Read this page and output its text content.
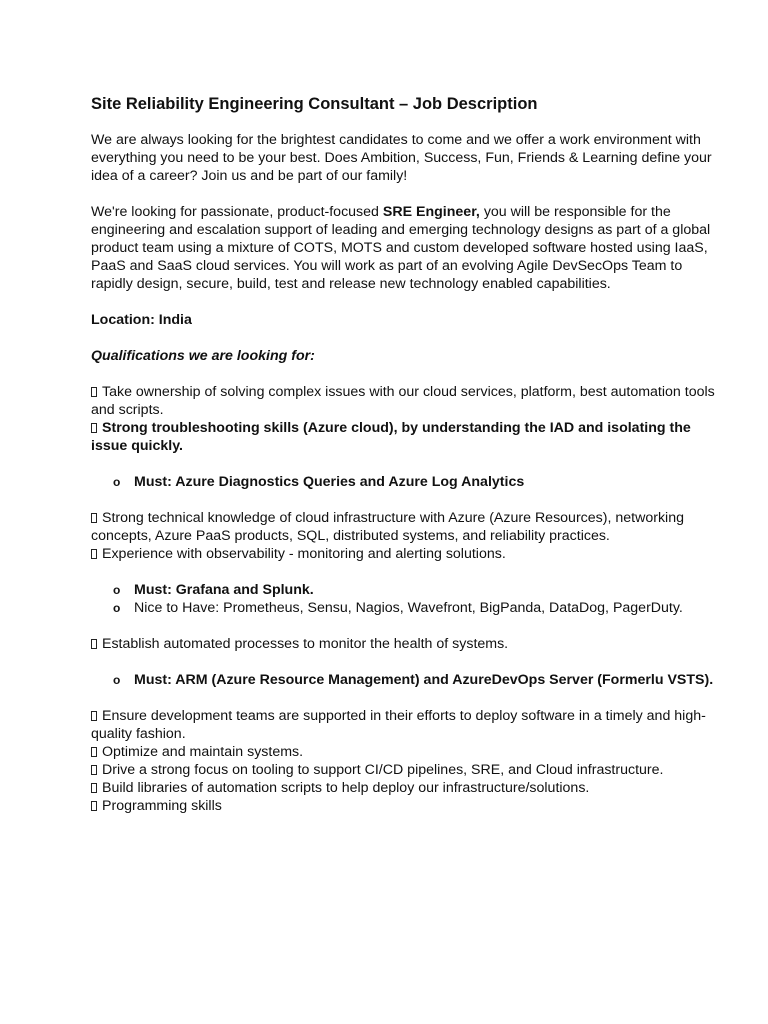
Site Reliability Engineering Consultant – Job Description

We are always looking for the brightest candidates to come and we offer a work environment with everything you need to be your best. Does Ambition, Success, Fun, Friends & Learning define your idea of a career? Join us and be part of our family!

We're looking for passionate, product-focused SRE Engineer, you will be responsible for the engineering and escalation support of leading and emerging technology designs as part of a global product team using a mixture of COTS, MOTS and custom developed software hosted using IaaS, PaaS and SaaS cloud services. You will work as part of an evolving Agile DevSecOps Team to rapidly design, secure, build, test and release new technology enabled capabilities.

Location: India

Qualifications we are looking for:

Take ownership of solving complex issues with our cloud services, platform, best automation tools and scripts.

Strong troubleshooting skills (Azure cloud), by understanding the IAD and isolating the issue quickly.

o Must: Azure Diagnostics Queries and Azure Log Analytics
Strong technical knowledge of cloud infrastructure with Azure (Azure Resources), networking concepts, Azure PaaS products, SQL, distributed systems, and reliability practices.

Experience with observability - monitoring and alerting solutions.

o Must: Grafana and Splunk.
o Nice to Have: Prometheus, Sensu, Nagios, Wavefront, BigPanda, DataDog, PagerDuty.

Establish automated processes to monitor the health of systems.

o Must: ARM (Azure Resource Management) and AzureDevOps Server (Formerlu VSTS).
Ensure development teams are supported in their efforts to deploy software in a timely and high-quality fashion.
Optimize and maintain systems.
Drive a strong focus on tooling to support CI/CD pipelines, SRE, and Cloud infrastructure.
Build libraries of automation scripts to help deploy our infrastructure/solutions.
Programming skills
